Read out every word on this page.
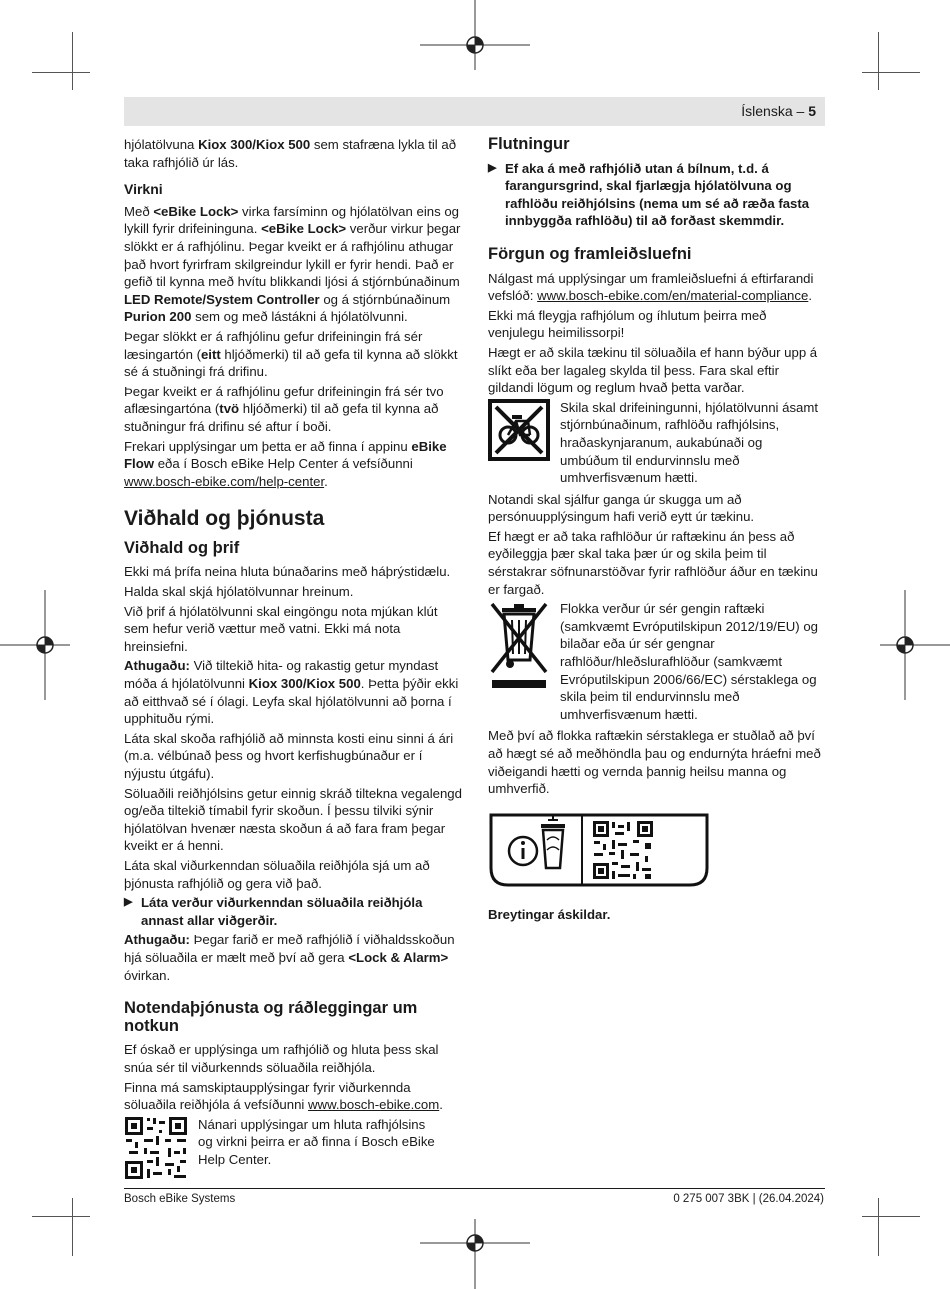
Íslenska – 5

hjólatölvuna Kiox 300/Kiox 500 sem stafræna lykla til að taka rafhjólið úr lás.

Virkni

Með <eBike Lock> virka farsíminn og hjólatölvan eins og lykill fyrir drifeininguna. <eBike Lock> verður virkur þegar slökkt er á rafhjólinu. Þegar kveikt er á rafhjólinu athugar það hvort fyrirfram skilgreindur lykill er fyrir hendi. Það er gefið til kynna með hvítu blikkandi ljósi á stjórnbúnaðinum LED Remote/System Controller og á stjórnbúnaðinum Purion 200 sem og með lástákni á hjólatölvunni.

Þegar slökkt er á rafhjólinu gefur drifeiningin frá sér læsingartón (eitt hljóðmerki) til að gefa til kynna að slökkt sé á stuðningi frá drifinu.

Þegar kveikt er á rafhjólinu gefur drifeiningin frá sér tvo aflæsingartóna (tvö hljóðmerki) til að gefa til kynna að stuðningur frá drifinu sé aftur í boði.

Frekari upplýsingar um þetta er að finna í appinu eBike Flow eða í Bosch eBike Help Center á vefsíðunni www.bosch-ebike.com/help-center.

Viðhald og þjónusta
Viðhald og þrif

Ekki má þrífa neina hluta búnaðarins með háþrýstidælu.

Halda skal skjá hjólatölvunnar hreinum.

Við þrif á hjólatölvunni skal eingöngu nota mjúkan klút sem hefur verið vættur með vatni. Ekki má nota hreinsiefni.

Athugaðu: Við tiltekið hita- og rakastig getur myndast móða á hjólatölvunni Kiox 300/Kiox 500. Þetta þýðir ekki að eitthvað sé í ólagi. Leyfa skal hjólatölvunni að þorna í upphituðu rými.

Láta skal skoða rafhjólið að minnsta kosti einu sinni á ári (m.a. vélbúnað þess og hvort kerfishugbúnaður er í nýjustu útgáfu).

Söluaðili reiðhjólsins getur einnig skráð tiltekna vegalengd og/eða tiltekið tímabil fyrir skoðun. Í þessu tilviki sýnir hjólatölvan hvenær næsta skoðun á að fara fram þegar kveikt er á henni.

Láta skal viðurkenndan söluaðila reiðhjóla sjá um að þjónusta rafhjólið og gera við það.

▶ Láta verður viðurkenndan söluaðila reiðhjóla annast allar viðgerðir.

Athugaðu: Þegar farið er með rafhjólið í viðhaldsskoðun hjá söluaðila er mælt með því að gera <Lock & Alarm> óvirkan.

Notendaþjónusta og ráðleggingar um notkun

Ef óskað er upplýsinga um rafhjólið og hluta þess skal snúa sér til viðurkennds söluaðila reiðhjóla.

Finna má samskiptaupplýsingar fyrir viðurkennda söluaðila reiðhjóla á vefsíðunni www.bosch-ebike.com.

Nánari upplýsingar um hluta rafhjólsins og virkni þeirra er að finna í Bosch eBike Help Center.
Flutningur
▶ Ef aka á með rafhjólið utan á bílnum, t.d. á farangursgrind, skal fjarlægja hjólatölvuna og rafhlöðu reiðhjólsins (nema um sé að ræða fasta innbyggða rafhlöðu) til að forðast skemmdir.
Förgun og framleiðsluefni

Nálgast má upplýsingar um framleiðsluefni á eftirfarandi vefslóð: www.bosch-ebike.com/en/material-compliance.

Ekki má fleygja rafhjólum og íhlutum þeirra með venjulegu heimilissorpi!

Hægt er að skila tækinu til söluaðila ef hann býður upp á slíkt eða ber lagaleg skylda til þess. Fara skal eftir gildandi lögum og reglum hvað þetta varðar.

Skila skal drifeiningunni, hjólatölvunni ásamt stjórnbúnaðinum, rafhlöðu rafhjólsins, hraðaskynjaranum, aukabúnaði og umbúðum til endurvinnslu með umhverfisvænum hætti.

Notandi skal sjálfur ganga úr skugga um að persónuupplýsingum hafi verið eytt úr tækinu.

Ef hægt er að taka rafhlöður úr raftækinu án þess að eyðileggja þær skal taka þær úr og skila þeim til sérstakrar söfnunarstöðvar fyrir rafhlöður áður en tækinu er fargað.

Flokka verður úr sér gengin raftæki (samkvæmt Evróputilskipun 2012/19/EU) og bilaðar eða úr sér gengnar rafhlöður/hleðslurafhlöður (samkvæmt Evróputilskipun 2006/66/EC) sérstaklega og skila þeim til endurvinnslu með umhverfisvænum hætti.

Með því að flokka raftækin sérstaklega er stuðlað að því að hægt sé að meðhöndla þau og endurnýta hráefni með viðeigandi hætti og vernda þannig heilsu manna og umhverfið.

Breytingar áskildar.

Bosch eBike Systems	0 275 007 3BK | (26.04.2024)
